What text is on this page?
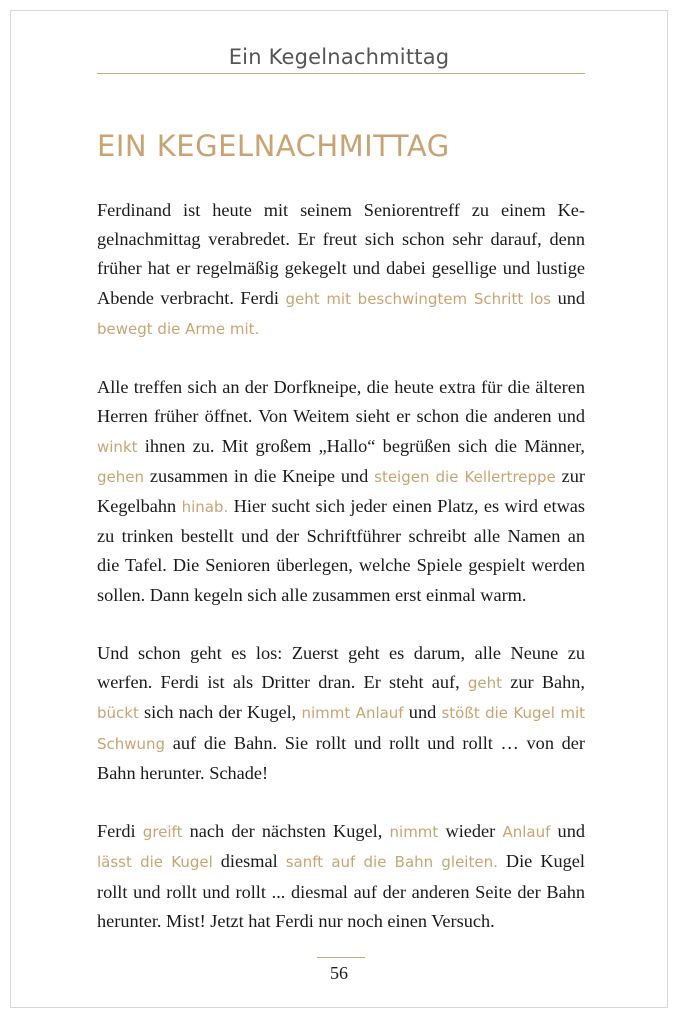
Ein Kegelnachmittag
EIN KEGELNACHMITTAG

Ferdinand ist heute mit seinem Seniorentreff zu einem Kegelnachmittag verabredet. Er freut sich schon sehr darauf, denn früher hat er regelmäßig gekegelt und dabei gesellige und lustige Abende verbracht. Ferdi geht mit beschwingtem Schritt los und bewegt die Arme mit.

Alle treffen sich an der Dorfkneipe, die heute extra für die älteren Herren früher öffnet. Von Weitem sieht er schon die anderen und winkt ihnen zu. Mit großem „Hallo“ begrüßen sich die Männer, gehen zusammen in die Kneipe und steigen die Kellertreppe zur Kegelbahn hinab. Hier sucht sich jeder einen Platz, es wird etwas zu trinken bestellt und der Schriftführer schreibt alle Namen an die Tafel. Die Senioren überlegen, welche Spiele gespielt werden sollen. Dann kegeln sich alle zusammen erst einmal warm.

Und schon geht es los: Zuerst geht es darum, alle Neune zu werfen. Ferdi ist als Dritter dran. Er steht auf, geht zur Bahn, bückt sich nach der Kugel, nimmt Anlauf und stößt die Kugel mit Schwung auf die Bahn. Sie rollt und rollt und rollt … von der Bahn herunter. Schade!

Ferdi greift nach der nächsten Kugel, nimmt wieder Anlauf und lässt die Kugel diesmal sanft auf die Bahn gleiten. Die Kugel rollt und rollt und rollt ... diesmal auf der anderen Seite der Bahn herunter. Mist! Jetzt hat Ferdi nur noch einen Versuch.

56
